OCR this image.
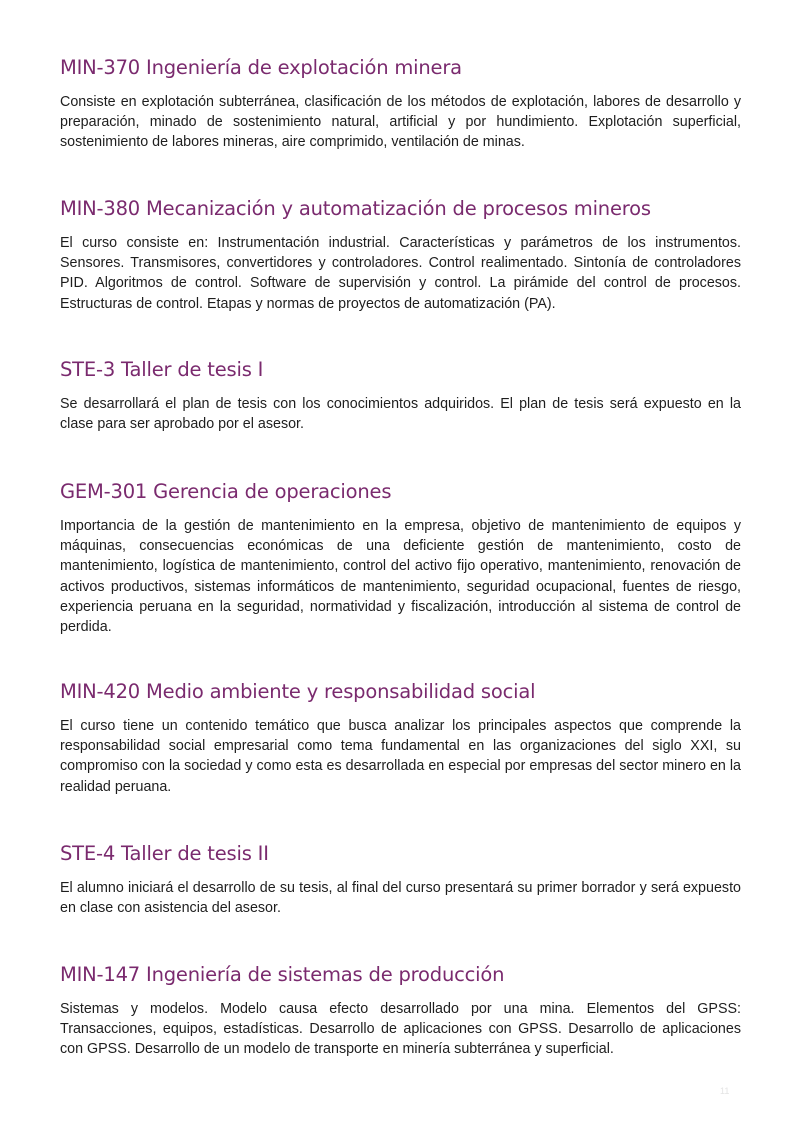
MIN-370 Ingeniería de explotación minera

Consiste en explotación subterránea, clasificación de los métodos de explotación, labores de desarrollo y preparación, minado de sostenimiento natural, artificial y por hundimiento. Explotación superficial, sostenimiento de labores mineras, aire comprimido, ventilación de minas.

MIN-380 Mecanización y automatización de procesos mineros

El curso consiste en: Instrumentación industrial. Características y parámetros de los instrumentos. Sensores. Transmisores, convertidores y controladores. Control realimentado. Sintonía de controladores PID. Algoritmos de control. Software de supervisión y control. La pirámide del control de procesos. Estructuras de control. Etapas y normas de proyectos de automatización (PA).

STE-3 Taller de tesis I

Se desarrollará el plan de tesis con los conocimientos adquiridos. El plan de tesis será expuesto en la clase para ser aprobado por el asesor.

GEM-301 Gerencia de operaciones

Importancia de la gestión de mantenimiento en la empresa, objetivo de mantenimiento de equipos y máquinas, consecuencias económicas de una deficiente gestión de mantenimiento, costo de mantenimiento, logística de mantenimiento, control del activo fijo operativo, mantenimiento, renovación de activos productivos, sistemas informáticos de mantenimiento, seguridad ocupacional, fuentes de riesgo, experiencia peruana en la seguridad, normatividad y fiscalización, introducción al sistema de control de perdida.

MIN-420 Medio ambiente y responsabilidad social

El curso tiene un contenido temático que busca analizar los principales aspectos que comprende la responsabilidad social empresarial como tema fundamental en las organizaciones del siglo XXI, su compromiso con la sociedad y como esta es desarrollada en especial por empresas del sector minero en la realidad peruana.

STE-4 Taller de tesis II

El alumno iniciará el desarrollo de su tesis, al final del curso presentará su primer borrador y será expuesto en clase con asistencia del asesor.

MIN-147 Ingeniería de sistemas de producción

Sistemas y modelos. Modelo causa efecto desarrollado por una mina. Elementos del GPSS: Transacciones, equipos, estadísticas. Desarrollo de aplicaciones con GPSS. Desarrollo de aplicaciones con GPSS. Desarrollo de un modelo de transporte en minería subterránea y superficial.

11
